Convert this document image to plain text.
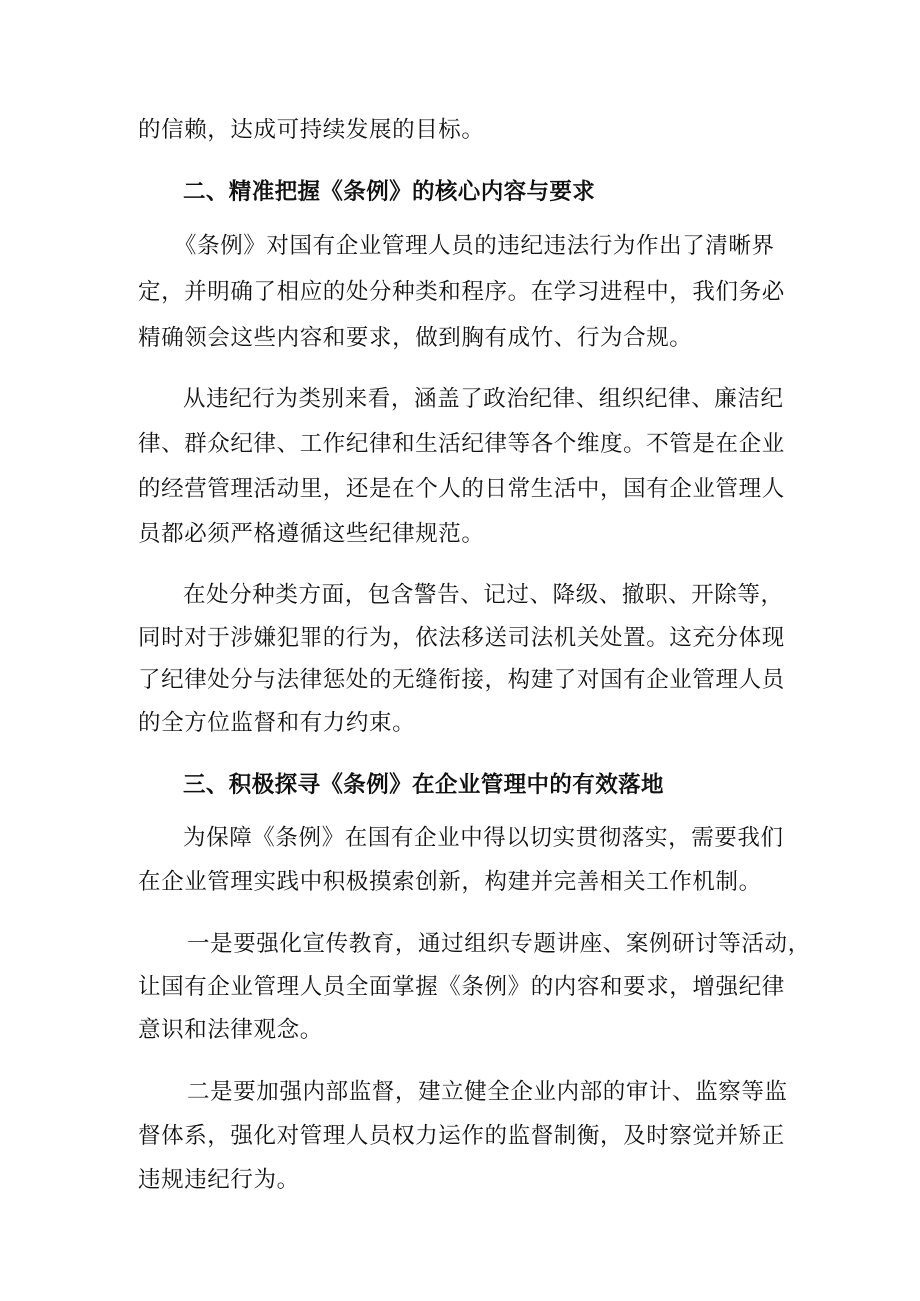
的信赖，达成可持续发展的目标。
二、精准把握《条例》的核心内容与要求
《条例》对国有企业管理人员的违纪违法行为作出了清晰界
定，并明确了相应的处分种类和程序。在学习进程中，我们务必
精确领会这些内容和要求，做到胸有成竹、行为合规。
从违纪行为类别来看，涵盖了政治纪律、组织纪律、廉洁纪
律、群众纪律、工作纪律和生活纪律等各个维度。不管是在企业
的经营管理活动里，还是在个人的日常生活中，国有企业管理人
员都必须严格遵循这些纪律规范。
在处分种类方面，包含警告、记过、降级、撤职、开除等，
同时对于涉嫌犯罪的行为，依法移送司法机关处置。这充分体现
了纪律处分与法律惩处的无缝衔接，构建了对国有企业管理人员
的全方位监督和有力约束。
三、积极探寻《条例》在企业管理中的有效落地
为保障《条例》在国有企业中得以切实贯彻落实，需要我们
在企业管理实践中积极摸索创新，构建并完善相关工作机制。
一是要强化宣传教育，通过组织专题讲座、案例研讨等活动，
让国有企业管理人员全面掌握《条例》的内容和要求，增强纪律
意识和法律观念。
二是要加强内部监督，建立健全企业内部的审计、监察等监
督体系，强化对管理人员权力运作的监督制衡，及时察觉并矫正
违规违纪行为。
